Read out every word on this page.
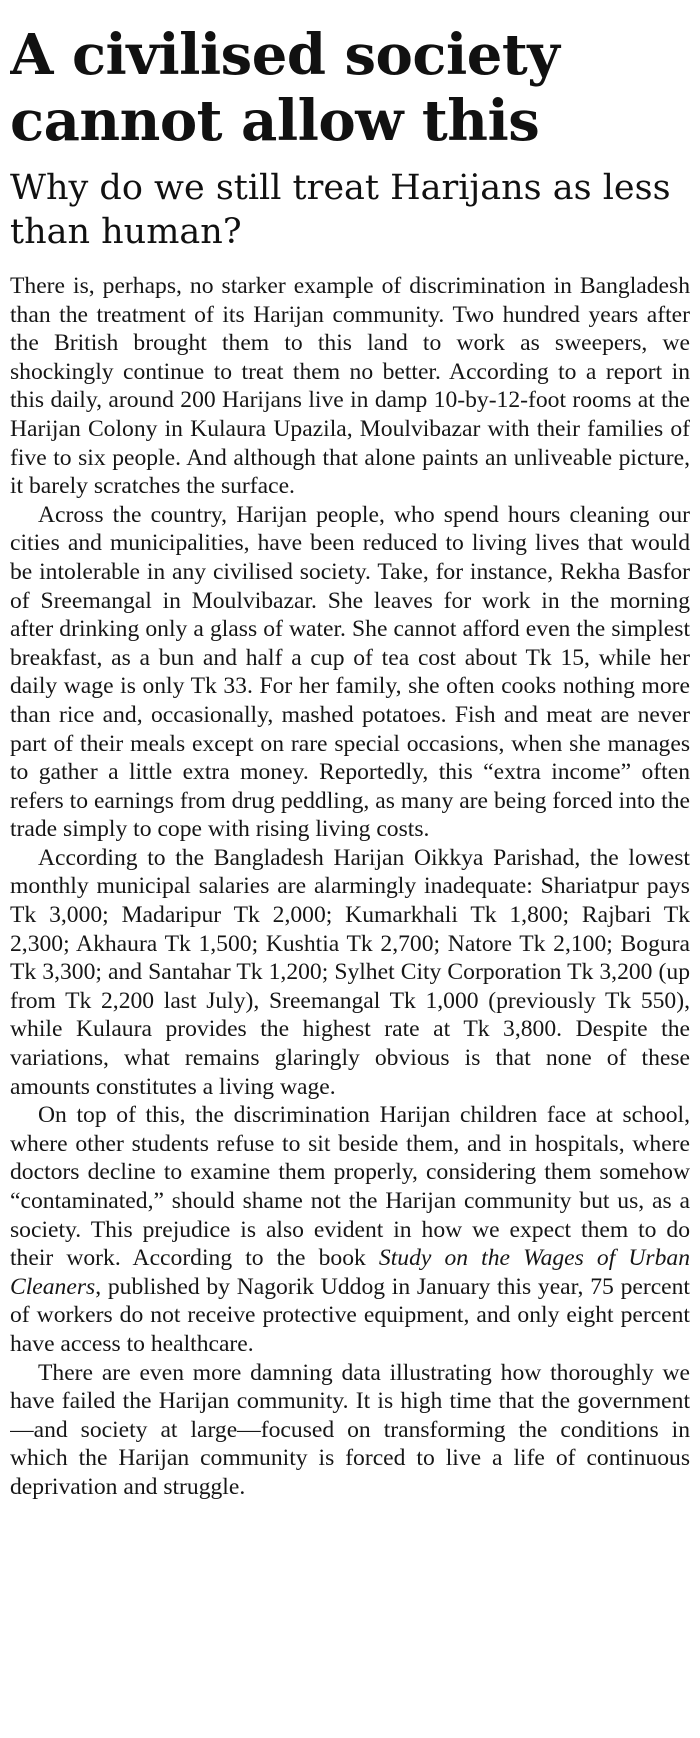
A civilised society cannot allow this
Why do we still treat Harijans as less than human?

There is, perhaps, no starker example of discrimination in Bangladesh than the treatment of its Harijan community. Two hundred years after the British brought them to this land to work as sweepers, we shockingly continue to treat them no better. According to a report in this daily, around 200 Harijans live in damp 10-by-12-foot rooms at the Harijan Colony in Kulaura Upazila, Moulvibazar with their families of five to six people. And although that alone paints an unliveable picture, it barely scratches the surface.

Across the country, Harijan people, who spend hours cleaning our cities and municipalities, have been reduced to living lives that would be intolerable in any civilised society. Take, for instance, Rekha Basfor of Sreemangal in Moulvibazar. She leaves for work in the morning after drinking only a glass of water. She cannot afford even the simplest breakfast, as a bun and half a cup of tea cost about Tk 15, while her daily wage is only Tk 33. For her family, she often cooks nothing more than rice and, occasionally, mashed potatoes. Fish and meat are never part of their meals except on rare special occasions, when she manages to gather a little extra money. Reportedly, this “extra income” often refers to earnings from drug peddling, as many are being forced into the trade simply to cope with rising living costs.

According to the Bangladesh Harijan Oikkya Parishad, the lowest monthly municipal salaries are alarmingly inadequate: Shariatpur pays Tk 3,000; Madaripur Tk 2,000; Kumarkhali Tk 1,800; Rajbari Tk 2,300; Akhaura Tk 1,500; Kushtia Tk 2,700; Natore Tk 2,100; Bogura Tk 3,300; and Santahar Tk 1,200; Sylhet City Corporation Tk 3,200 (up from Tk 2,200 last July), Sreemangal Tk 1,000 (previously Tk 550), while Kulaura provides the highest rate at Tk 3,800. Despite the variations, what remains glaringly obvious is that none of these amounts constitutes a living wage.

On top of this, the discrimination Harijan children face at school, where other students refuse to sit beside them, and in hospitals, where doctors decline to examine them properly, considering them somehow “contaminated,” should shame not the Harijan community but us, as a society. This prejudice is also evident in how we expect them to do their work. According to the book Study on the Wages of Urban Cleaners, published by Nagorik Uddog in January this year, 75 percent of workers do not receive protective equipment, and only eight percent have access to healthcare.

There are even more damning data illustrating how thoroughly we have failed the Harijan community. It is high time that the government—and society at large—focused on transforming the conditions in which the Harijan community is forced to live a life of continuous deprivation and struggle.
